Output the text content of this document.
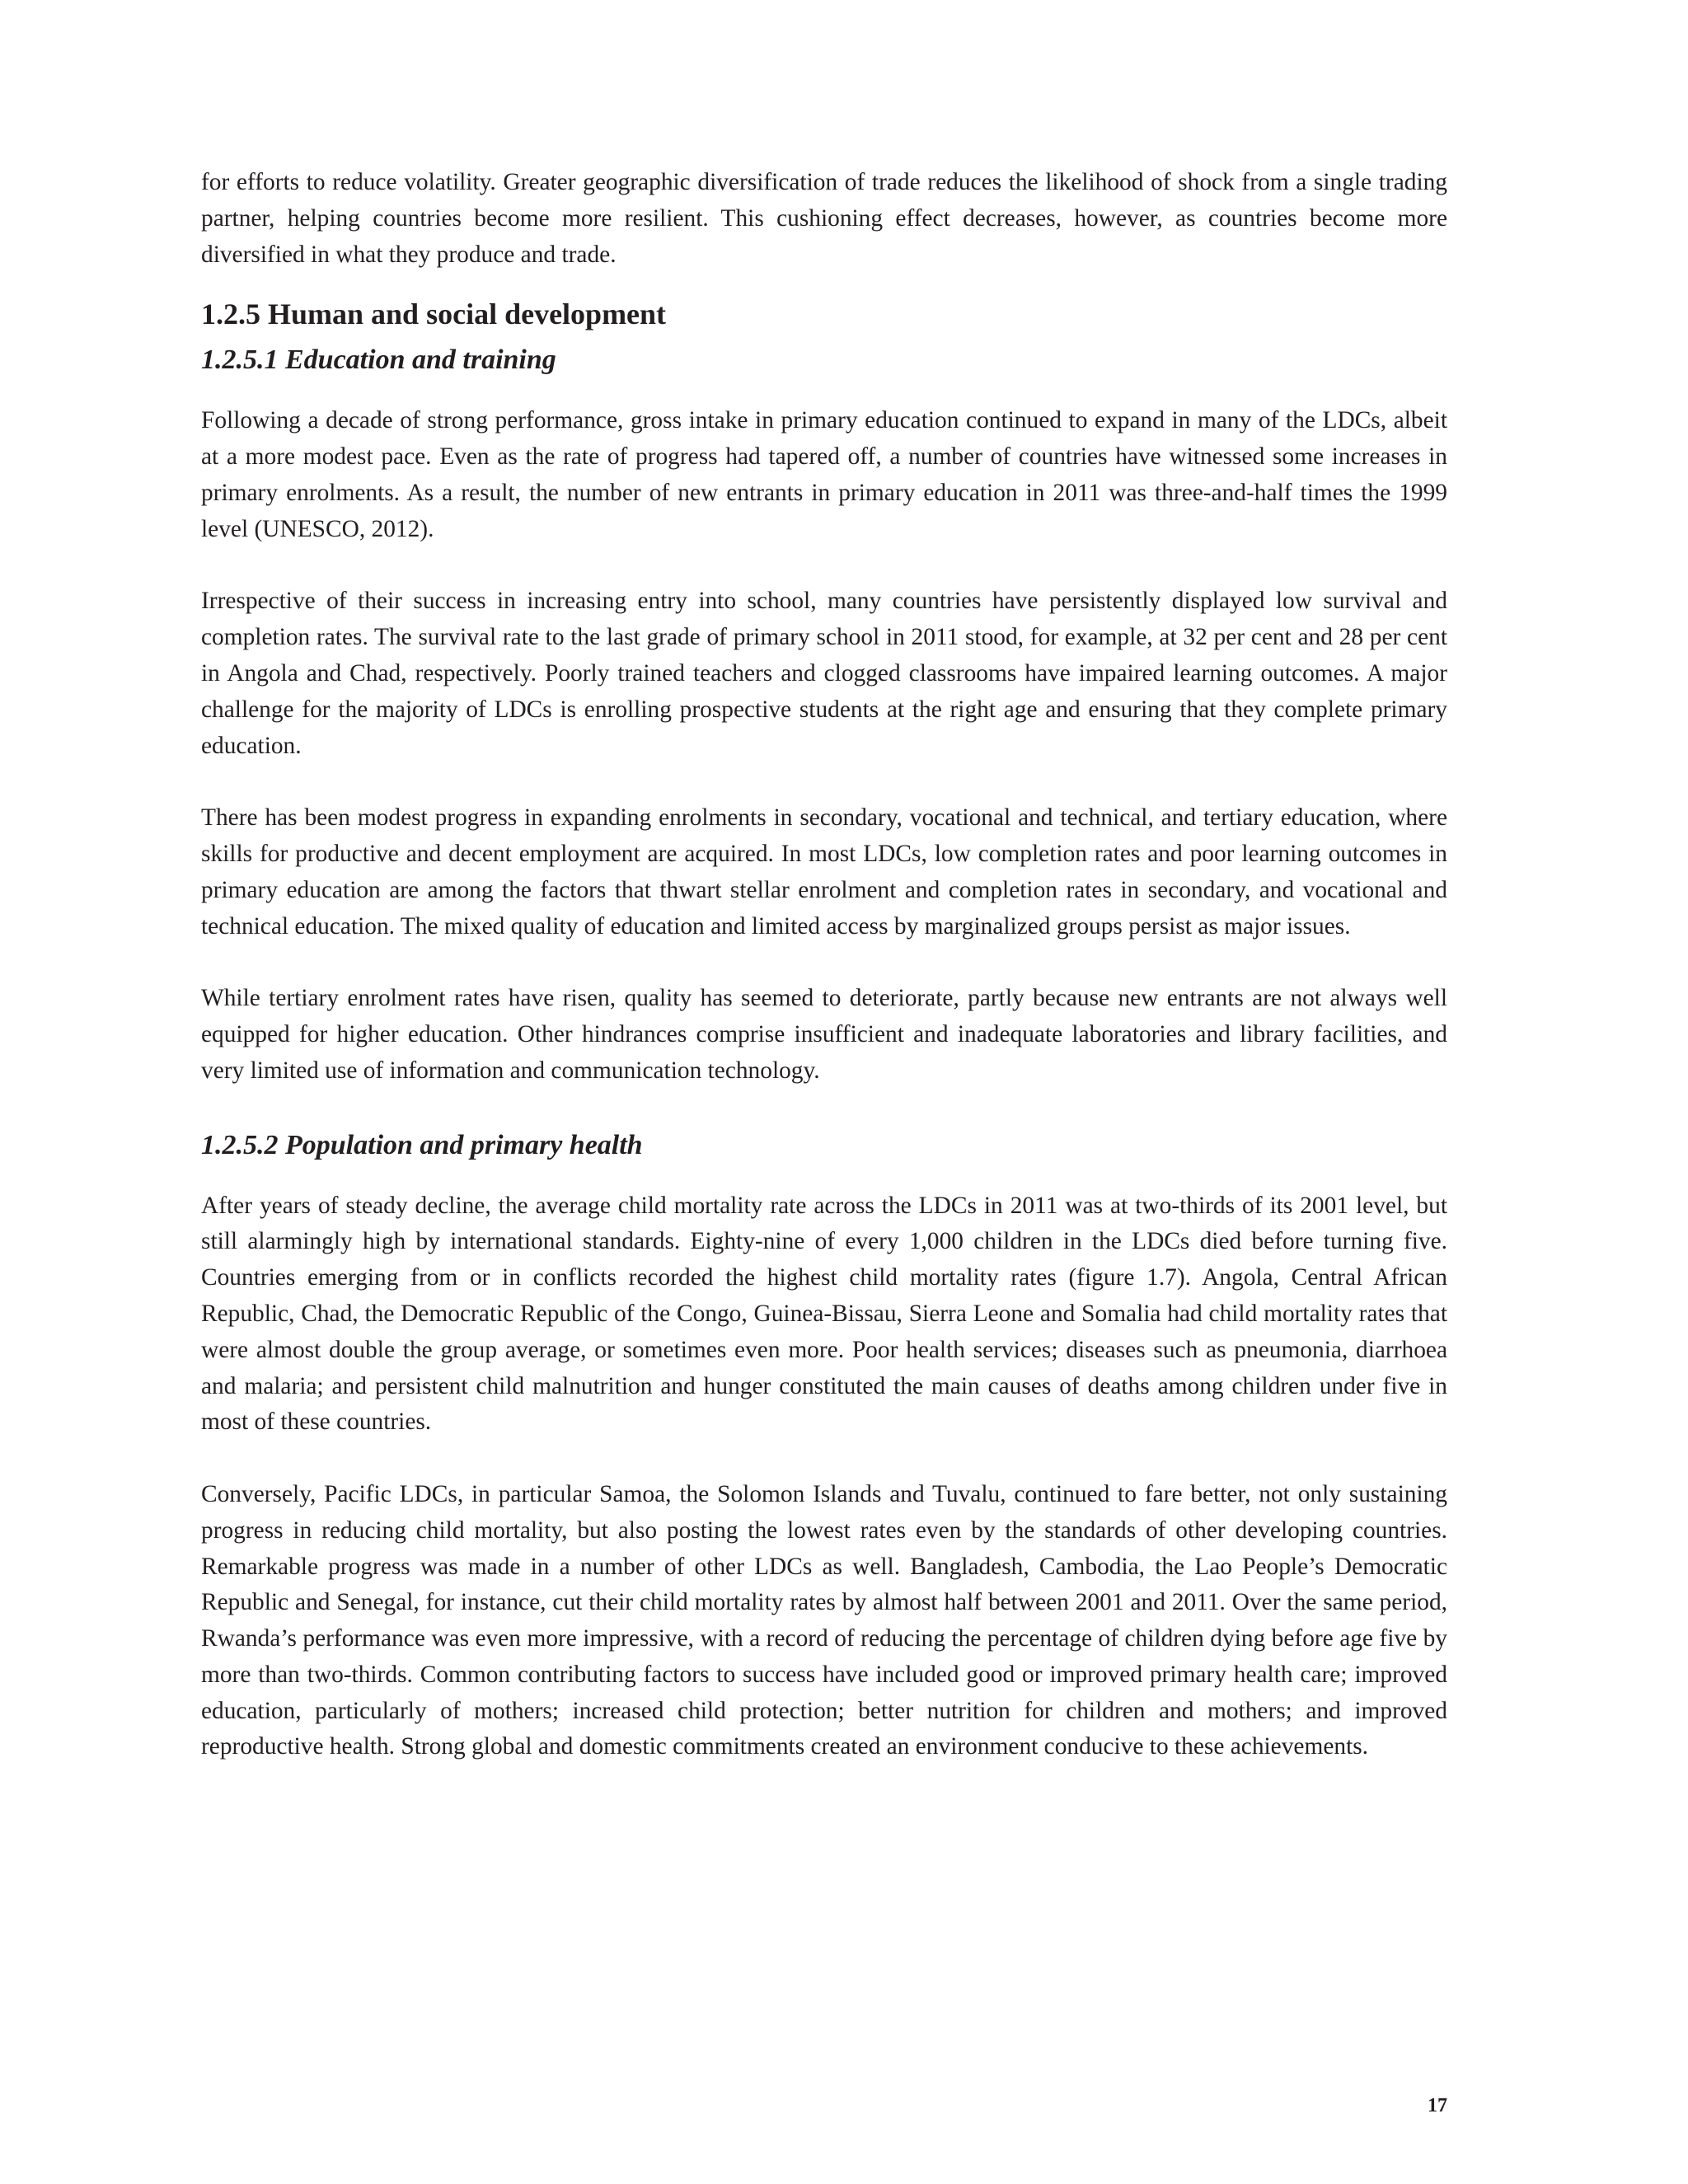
for efforts to reduce volatility. Greater geographic diversification of trade reduces the likelihood of shock from a single trading partner, helping countries become more resilient. This cushioning effect decreases, however, as countries become more diversified in what they produce and trade.

1.2.5 Human and social development
1.2.5.1 Education and training

Following a decade of strong performance, gross intake in primary education continued to expand in many of the LDCs, albeit at a more modest pace. Even as the rate of progress had tapered off, a number of countries have witnessed some increases in primary enrolments. As a result, the number of new entrants in primary education in 2011 was three-and-half times the 1999 level (UNESCO, 2012).

Irrespective of their success in increasing entry into school, many countries have persistently displayed low survival and completion rates. The survival rate to the last grade of primary school in 2011 stood, for example, at 32 per cent and 28 per cent in Angola and Chad, respectively. Poorly trained teachers and clogged classrooms have impaired learning outcomes. A major challenge for the majority of LDCs is enrolling prospective students at the right age and ensuring that they complete primary education.

There has been modest progress in expanding enrolments in secondary, vocational and technical, and tertiary education, where skills for productive and decent employment are acquired. In most LDCs, low completion rates and poor learning outcomes in primary education are among the factors that thwart stellar enrolment and completion rates in secondary, and vocational and technical education. The mixed quality of education and limited access by marginalized groups persist as major issues.

While tertiary enrolment rates have risen, quality has seemed to deteriorate, partly because new entrants are not always well equipped for higher education. Other hindrances comprise insufficient and inadequate laboratories and library facilities, and very limited use of information and communication technology.

1.2.5.2 Population and primary health

After years of steady decline, the average child mortality rate across the LDCs in 2011 was at two-thirds of its 2001 level, but still alarmingly high by international standards. Eighty-nine of every 1,000 children in the LDCs died before turning five. Countries emerging from or in conflicts recorded the highest child mortality rates (figure 1.7). Angola, Central African Republic, Chad, the Democratic Republic of the Congo, Guinea-Bissau, Sierra Leone and Somalia had child mortality rates that were almost double the group average, or sometimes even more. Poor health services; diseases such as pneumonia, diarrhoea and malaria; and persistent child malnutrition and hunger constituted the main causes of deaths among children under five in most of these countries.

Conversely, Pacific LDCs, in particular Samoa, the Solomon Islands and Tuvalu, continued to fare better, not only sustaining progress in reducing child mortality, but also posting the lowest rates even by the standards of other developing countries. Remarkable progress was made in a number of other LDCs as well. Bangladesh, Cambodia, the Lao People’s Democratic Republic and Senegal, for instance, cut their child mortality rates by almost half between 2001 and 2011. Over the same period, Rwanda’s performance was even more impressive, with a record of reducing the percentage of children dying before age five by more than two-thirds. Common contributing factors to success have included good or improved primary health care; improved education, particularly of mothers; increased child protection; better nutrition for children and mothers; and improved reproductive health. Strong global and domestic commitments created an environment conducive to these achievements.

17
